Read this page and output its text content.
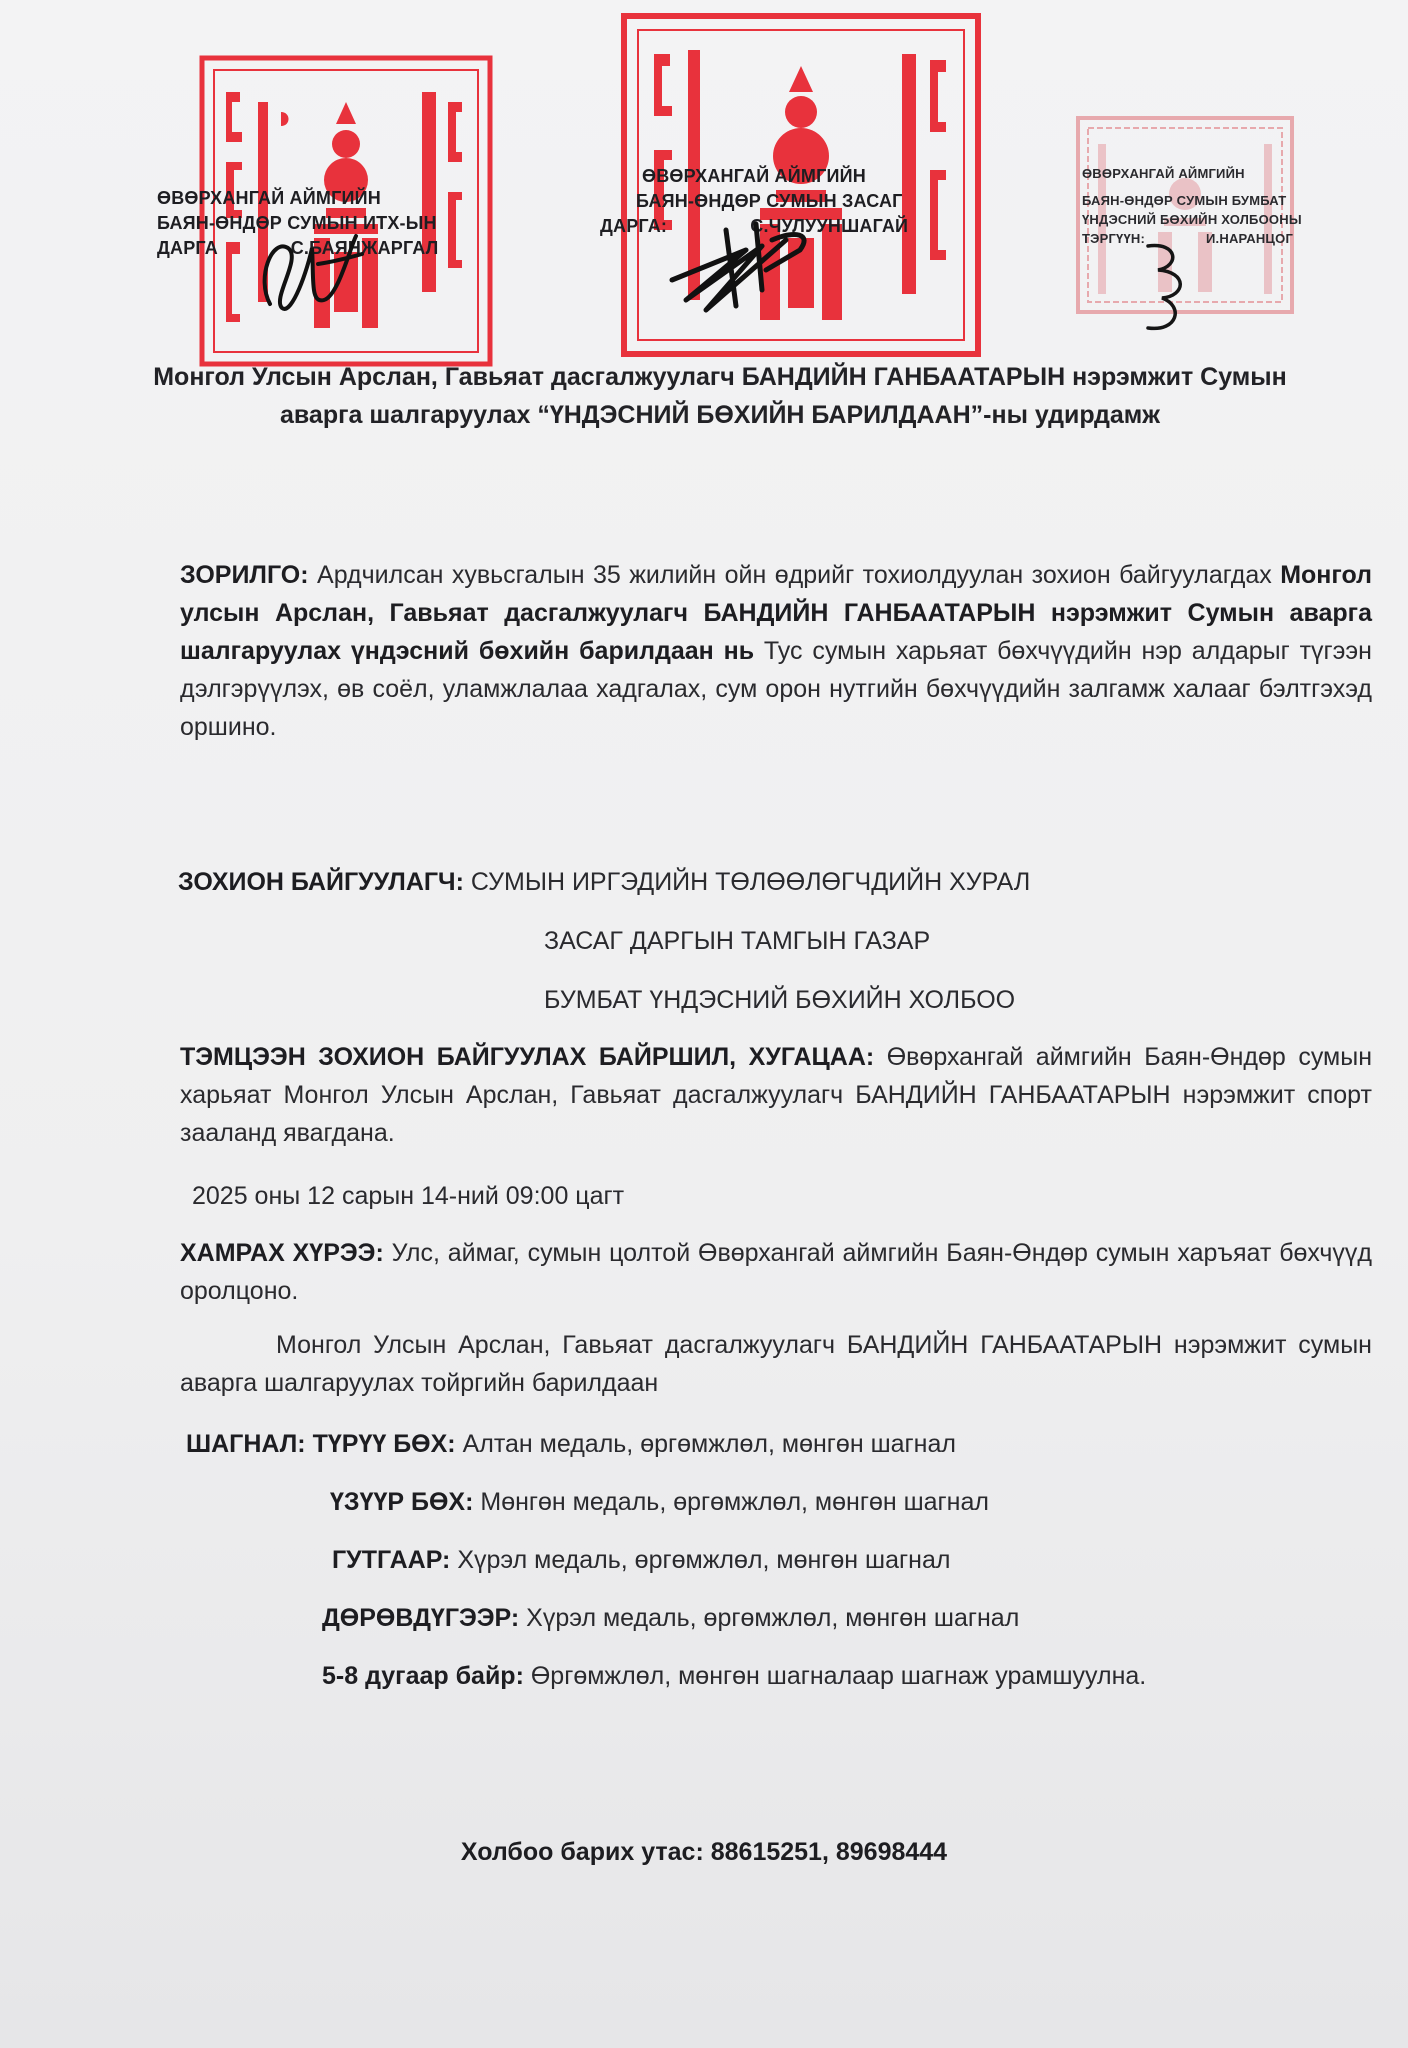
ӨВӨРХАНГАЙ АЙМГИЙН
БАЯН-ӨНДӨР СУМЫН ИТХ-ЫН
ДАРГА              С.БАЯНЖАРГАЛ
ӨВӨРХАНГАЙ АЙМГИЙН
БАЯН-ӨНДӨР СУМЫН ЗАСАГ
ДАРГА:                С.ЧУЛУУНШАГАЙ
ӨВӨРХАНГАЙ АЙМГИЙН
БАЯН-ӨНДӨР СУМЫН БУМБАТ
ҮНДЭСНИЙ БӨХИЙН ХОЛБООНЫ
ТЭРГҮҮН:                И.НАРАНЦОГ
Монгол Улсын Арслан, Гавьяат дасгалжуулагч БАНДИЙН ГАНБААТАРЫН нэрэмжит Сумын аварга шалгаруулах “ҮНДЭСНИЙ БӨХИЙН БАРИЛДААН”-ны удирдамж
ЗОРИЛГО: Ардчилсан хувьсгалын 35 жилийн ойн өдрийг тохиолдуулан зохион байгуулагдах Монгол улсын Арслан, Гавьяат дасгалжуулагч БАНДИЙН ГАНБААТАРЫН нэрэмжит Сумын аварга шалгаруулах үндэсний бөхийн барилдаан нь Тус сумын харьяат бөхчүүдийн нэр алдарыг түгээн дэлгэрүүлэх, өв соёл, уламжлалаа хадгалах, сум орон нутгийн бөхчүүдийн залгамж халааг бэлтгэхэд оршино.
ЗОХИОН БАЙГУУЛАГЧ: СУМЫН ИРГЭДИЙН ТӨЛӨӨЛӨГЧДИЙН ХУРАЛ
ЗАСАГ ДАРГЫН ТАМГЫН ГАЗАР
БУМБАТ ҮНДЭСНИЙ БӨХИЙН ХОЛБОО
ТЭМЦЭЭН ЗОХИОН БАЙГУУЛАХ БАЙРШИЛ, ХУГАЦАА: Өвөрхангай аймгийн Баян-Өндөр сумын харьяат Монгол Улсын Арслан, Гавьяат дасгалжуулагч БАНДИЙН ГАНБААТАРЫН нэрэмжит спорт зааланд явагдана.
2025 оны 12 сарын 14-ний 09:00 цагт
ХАМРАХ ХҮРЭЭ: Улс, аймаг, сумын цолтой Өвөрхангай аймгийн Баян-Өндөр сумын харъяат бөхчүүд оролцоно.
Монгол Улсын Арслан, Гавьяат дасгалжуулагч БАНДИЙН ГАНБААТАРЫН нэрэмжит сумын аварга шалгаруулах тойргийн барилдаан
ШАГНАЛ: ТҮРҮҮ БӨХ: Алтан медаль, өргөмжлөл, мөнгөн шагнал
ҮЗҮҮР БӨХ: Мөнгөн медаль, өргөмжлөл, мөнгөн шагнал
ГУТГААР: Хүрэл медаль, өргөмжлөл, мөнгөн шагнал
ДӨРӨВДҮГЭЭР: Хүрэл медаль, өргөмжлөл, мөнгөн шагнал
5-8 дугаар байр: Өргөмжлөл, мөнгөн шагналаар шагнаж урамшуулна.
Холбоо барих утас: 88615251, 89698444
